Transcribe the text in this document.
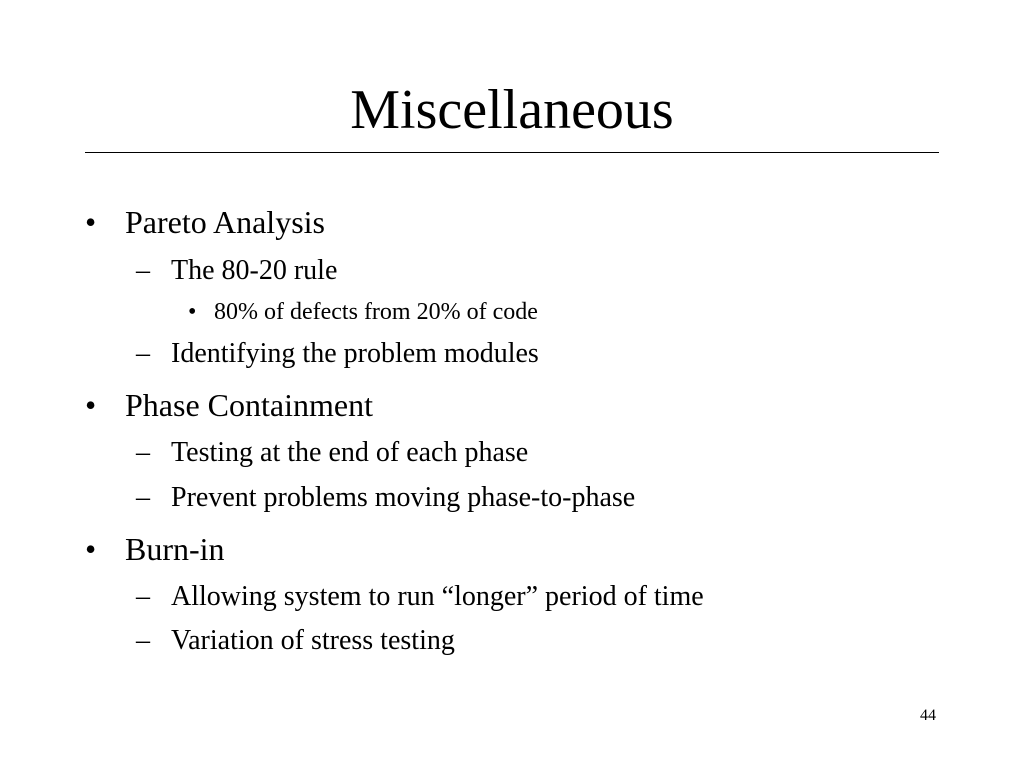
Miscellaneous
• Pareto Analysis
– The 80-20 rule
• 80% of defects from 20% of code
– Identifying the problem modules
• Phase Containment
– Testing at the end of each phase
– Prevent problems moving phase-to-phase
• Burn-in
– Allowing system to run “longer” period of time
– Variation of stress testing
44
